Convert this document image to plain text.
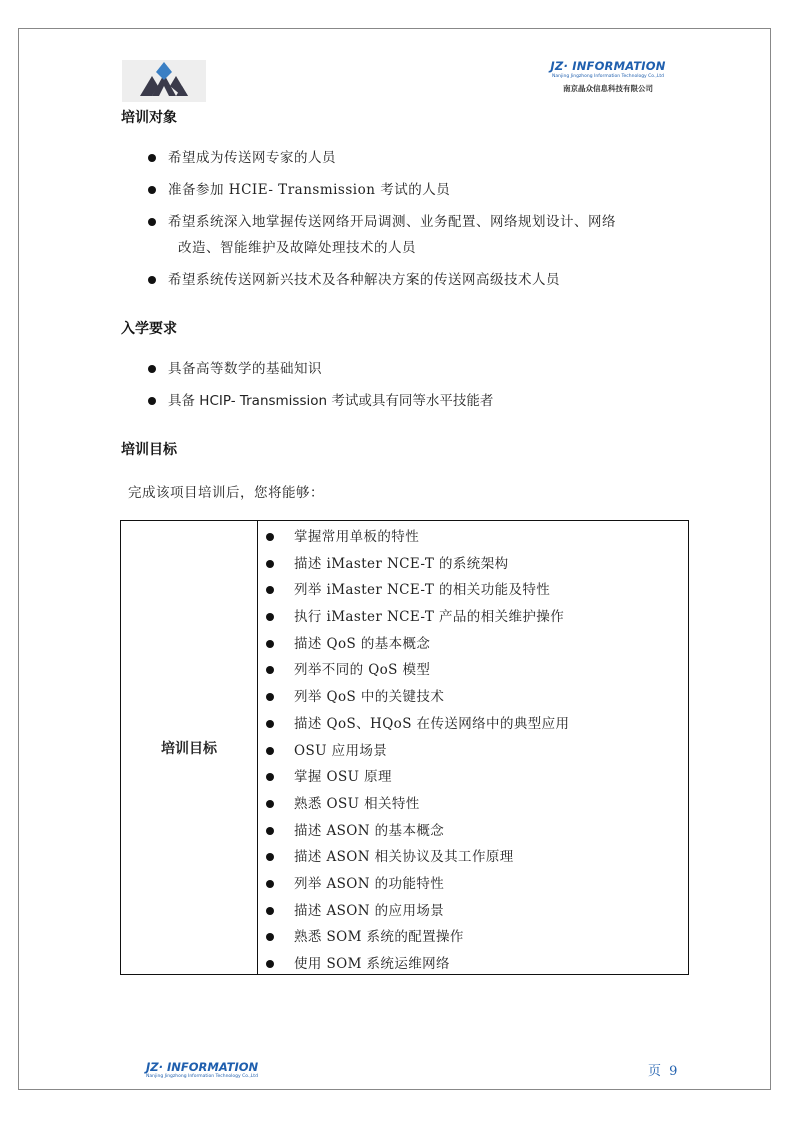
JZ· INFORMATION
Nanjing Jingzhong Information Technology Co.,Ltd
南京晶众信息科技有限公司
培训对象
希望成为传送网专家的人员
准备参加 HCIE- Transmission 考试的人员
希望系统深入地掌握传送网络开局调测、业务配置、网络规划设计、网络
改造、智能维护及故障处理技术的人员
希望系统传送网新兴技术及各种解决方案的传送网高级技术人员
入学要求
具备高等数学的基础知识
具备 HCIP- Transmission 考试或具有同等水平技能者
培训目标
完成该项目培训后，您将能够：
培训目标
掌握常用单板的特性
描述 iMaster NCE-T 的系统架构
列举 iMaster NCE-T 的相关功能及特性
执行 iMaster NCE-T 产品的相关维护操作
描述 QoS 的基本概念
列举不同的 QoS 模型
列举 QoS 中的关键技术
描述 QoS、HQoS 在传送网络中的典型应用
OSU 应用场景
掌握 OSU 原理
熟悉 OSU 相关特性
描述 ASON 的基本概念
描述 ASON 相关协议及其工作原理
列举 ASON 的功能特性
描述 ASON 的应用场景
熟悉 SOM 系统的配置操作
使用 SOM 系统运维网络
JZ· INFORMATION
Nanjing Jingzhong Information Technology Co.,Ltd	页 9
